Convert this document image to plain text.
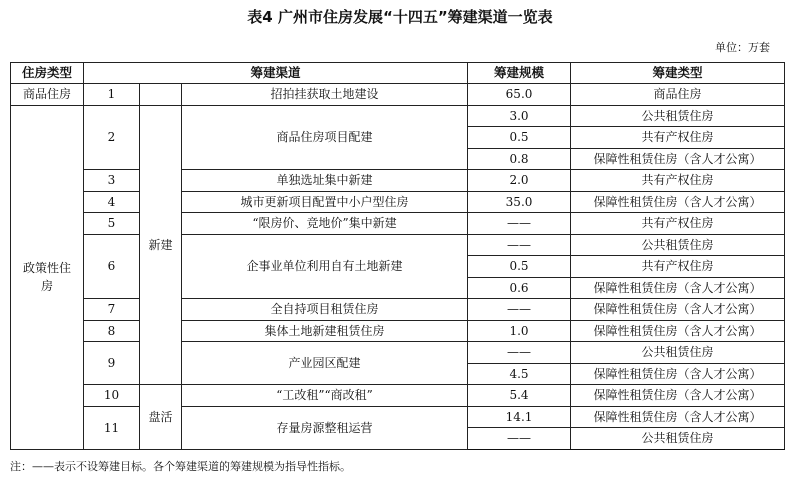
表4 广州市住房发展“十四五”筹建渠道一览表
单位：万套
住房类型	筹建渠道			筹建规模	筹建类型
商品住房	1		招拍挂获取土地建设	65.0	商品住房
政策性住房	2	新建	商品住房项目配建	3.0	公共租赁住房
				0.5	共有产权住房
				0.8	保障性租赁住房（含人才公寓）
	3		单独选址集中新建	2.0	共有产权住房
	4		城市更新项目配置中小户型住房	35.0	保障性租赁住房（含人才公寓）
	5		“限房价、竞地价”集中新建	——	共有产权住房
	6		企事业单位利用自有土地新建	——	公共租赁住房
				0.5	共有产权住房
				0.6	保障性租赁住房（含人才公寓）
	7		全自持项目租赁住房	——	保障性租赁住房（含人才公寓）
	8		集体土地新建租赁住房	1.0	保障性租赁住房（含人才公寓）
	9		产业园区配建	——	公共租赁住房
				4.5	保障性租赁住房（含人才公寓）
	10	盘活	“工改租”“商改租”	5.4	保障性租赁住房（含人才公寓）
	11		存量房源整租运营	14.1	保障性租赁住房（含人才公寓）
				——	公共租赁住房
注：——表示不设筹建目标。各个筹建渠道的筹建规模为指导性指标。
